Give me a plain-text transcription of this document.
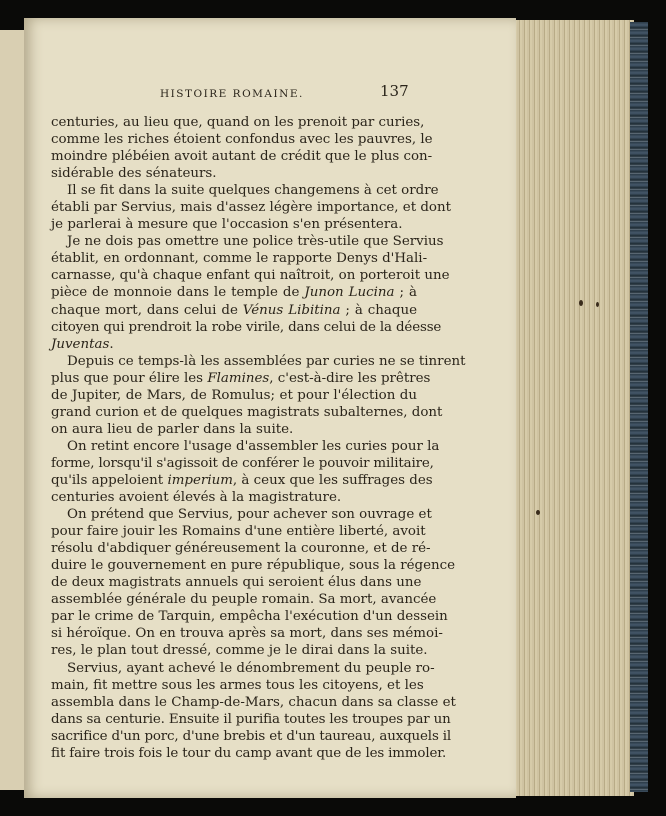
HISTOIRE ROMAINE.	137
centuries, au lieu que, quand on les prenoit par curies,
comme les riches étoient confondus avec les pauvres, le
moindre plébéien avoit autant de crédit que le plus con-
sidérable des sénateurs.
Il se fit dans la suite quelques changemens à cet ordre
établi par Servius, mais d'assez légère importance, et dont
je parlerai à mesure que l'occasion s'en présentera.
Je ne dois pas omettre une police très-utile que Servius
établit, en ordonnant, comme le rapporte Denys d'Hali-
carnasse, qu'à chaque enfant qui naîtroit, on porteroit une
pièce de monnoie dans le temple de Junon Lucina ; à
chaque mort, dans celui de Vénus Libitina ; à chaque
citoyen qui prendroit la robe virile, dans celui de la déesse
Juventas.
Depuis ce temps-là les assemblées par curies ne se tinrent
plus que pour élire les Flamines, c'est-à-dire les prêtres
de Jupiter, de Mars, de Romulus; et pour l'élection du
grand curion et de quelques magistrats subalternes, dont
on aura lieu de parler dans la suite.
On retint encore l'usage d'assembler les curies pour la
forme, lorsqu'il s'agissoit de conférer le pouvoir militaire,
qu'ils appeloient imperium, à ceux que les suffrages des
centuries avoient élevés à la magistrature.
On prétend que Servius, pour achever son ouvrage et
pour faire jouir les Romains d'une entière liberté, avoit
résolu d'abdiquer généreusement la couronne, et de ré-
duire le gouvernement en pure république, sous la régence
de deux magistrats annuels qui seroient élus dans une
assemblée générale du peuple romain. Sa mort, avancée
par le crime de Tarquin, empêcha l'exécution d'un dessein
si héroïque. On en trouva après sa mort, dans ses mémoi-
res, le plan tout dressé, comme je le dirai dans la suite.
Servius, ayant achevé le dénombrement du peuple ro-
main, fit mettre sous les armes tous les citoyens, et les
assembla dans le Champ-de-Mars, chacun dans sa classe et
dans sa centurie. Ensuite il purifia toutes les troupes par un
sacrifice d'un porc, d'une brebis et d'un taureau, auxquels il
fit faire trois fois le tour du camp avant que de les immoler.
